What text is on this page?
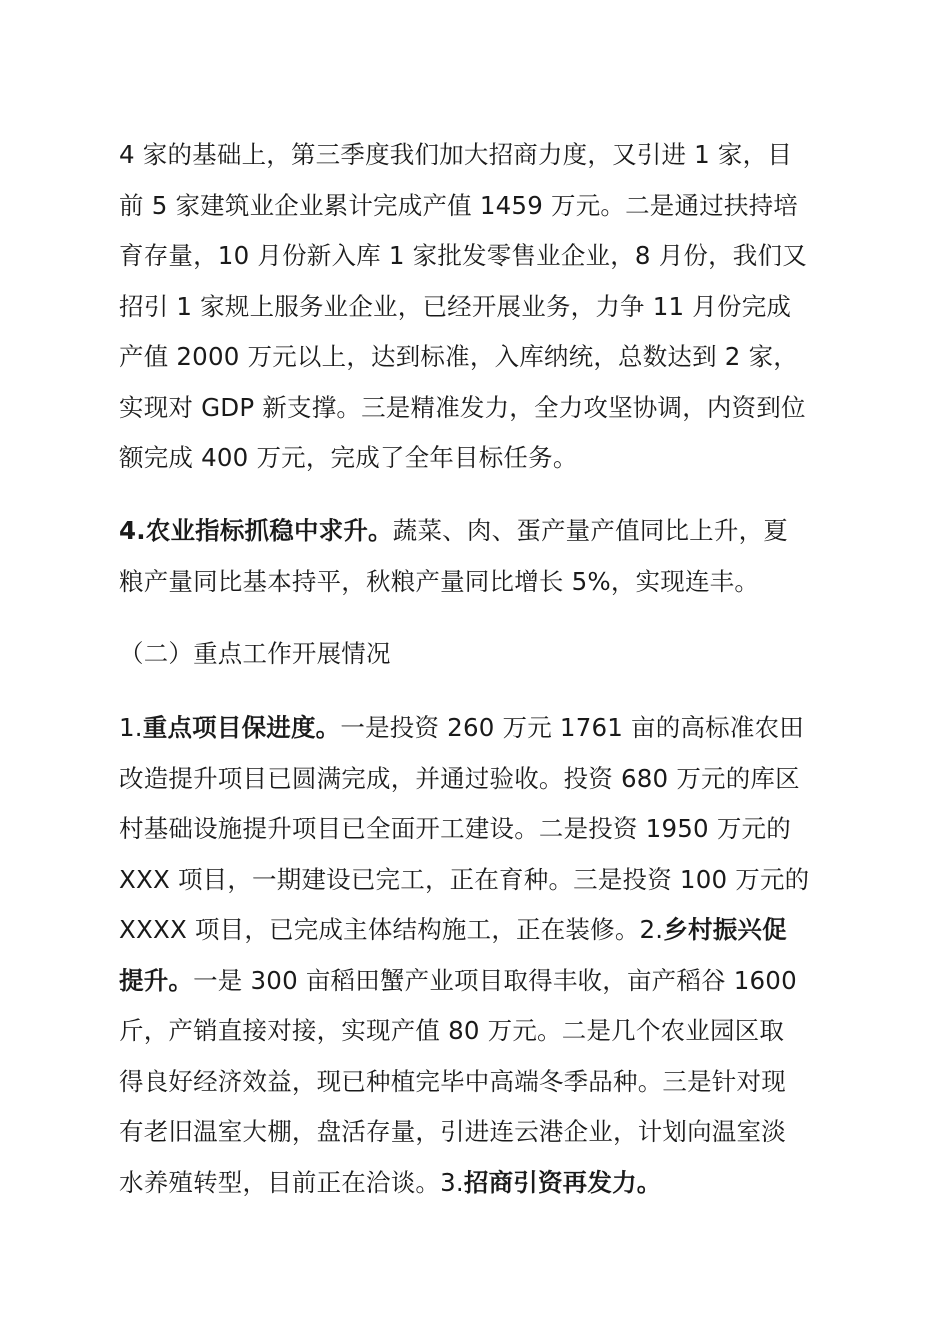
4 家的基础上，第三季度我们加大招商力度，又引进 1 家，目
前 5 家建筑业企业累计完成产值 1459 万元。二是通过扶持培
育存量，10 月份新入库 1 家批发零售业企业，8 月份，我们又
招引 1 家规上服务业企业，已经开展业务，力争 11 月份完成
产值 2000 万元以上，达到标准，入库纳统，总数达到 2 家，
实现对 GDP 新支撑。三是精准发力，全力攻坚协调，内资到位
额完成 400 万元，完成了全年目标任务。

4.农业指标抓稳中求升。蔬菜、肉、蛋产量产值同比上升，夏
粮产量同比基本持平，秋粮产量同比增长 5%，实现连丰。

（二）重点工作开展情况

1.重点项目保进度。一是投资 260 万元 1761 亩的高标准农田
改造提升项目已圆满完成，并通过验收。投资 680 万元的库区
村基础设施提升项目已全面开工建设。二是投资 1950 万元的
XXX 项目，一期建设已完工，正在育种。三是投资 100 万元的
XXXX 项目，已完成主体结构施工，正在装修。2.乡村振兴促
提升。一是 300 亩稻田蟹产业项目取得丰收，亩产稻谷 1600
斤，产销直接对接，实现产值 80 万元。二是几个农业园区取
得良好经济效益，现已种植完毕中高端冬季品种。三是针对现
有老旧温室大棚，盘活存量，引进连云港企业，计划向温室淡
水养殖转型，目前正在洽谈。3.招商引资再发力。
